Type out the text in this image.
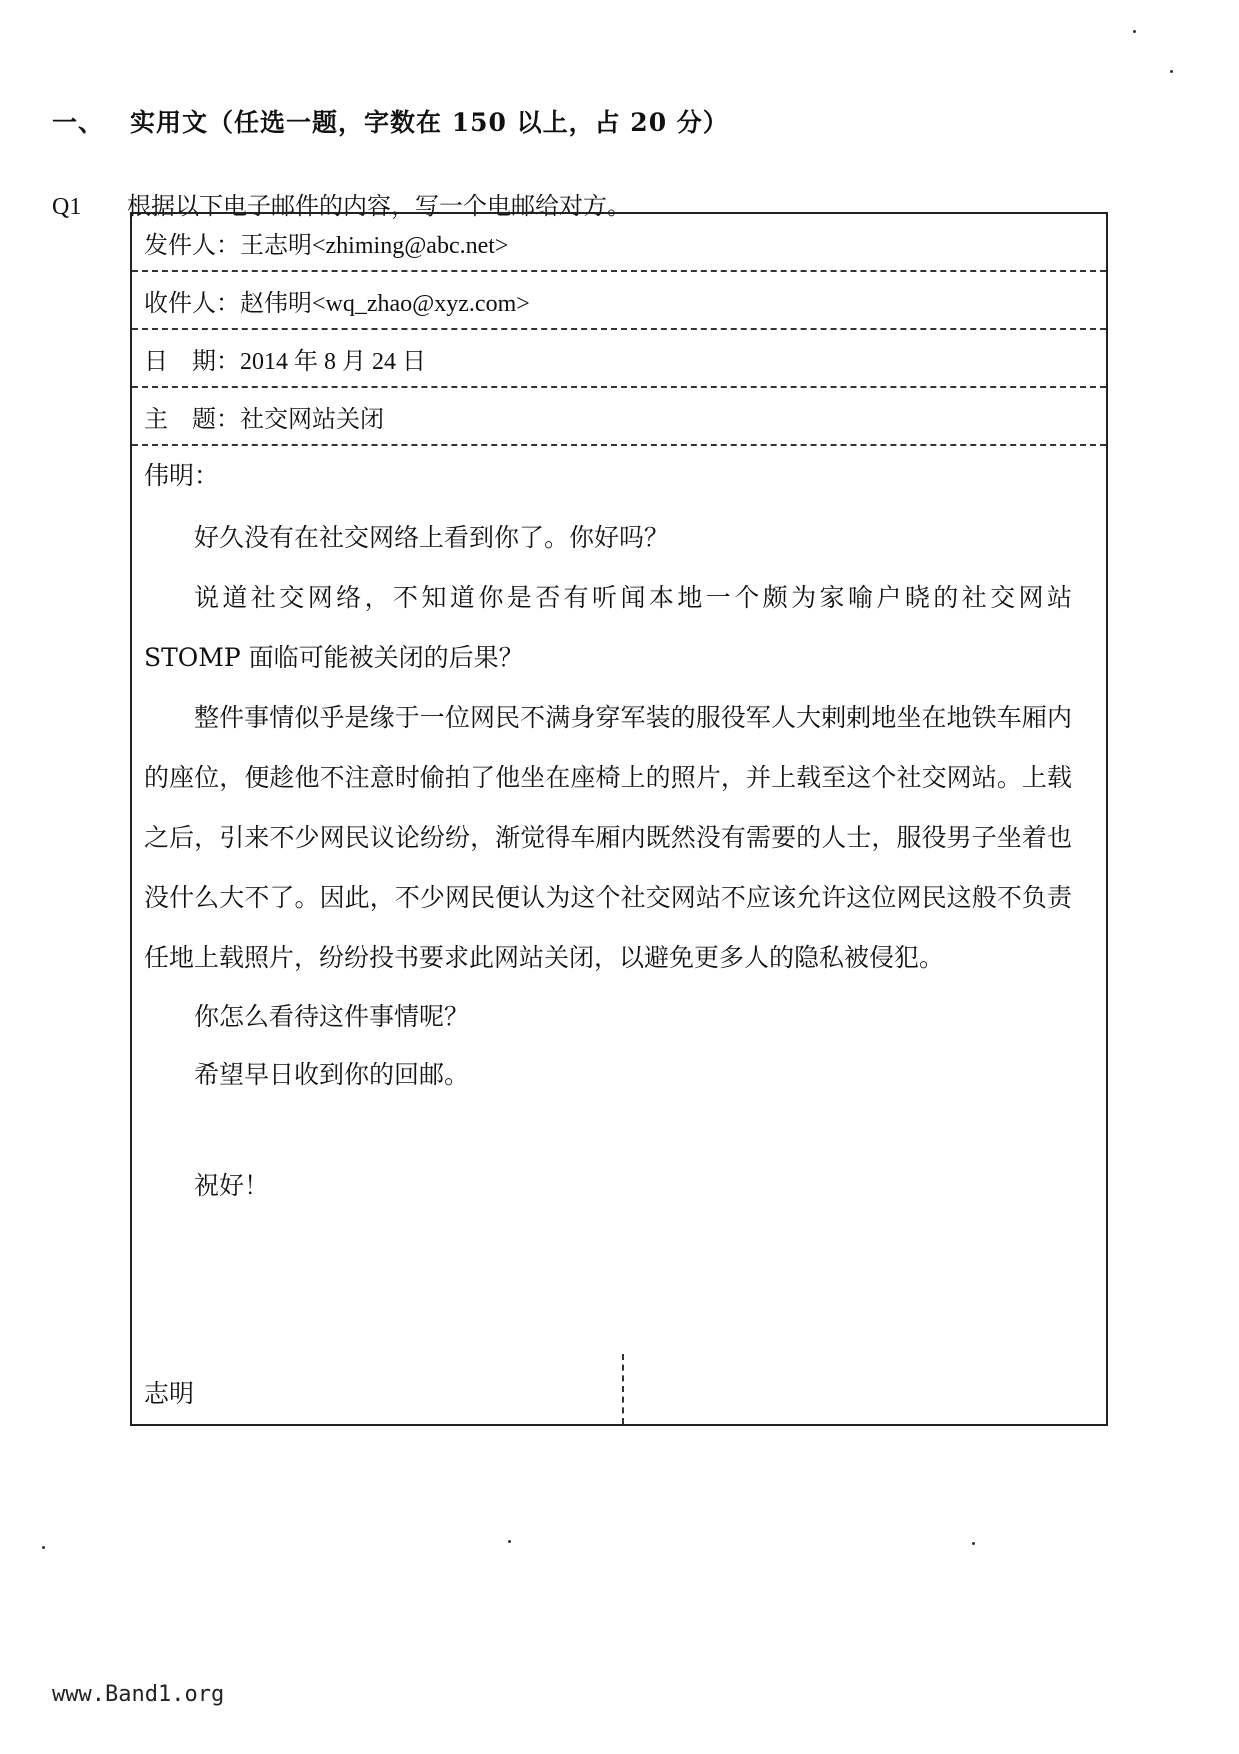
一、 实用文（任选一题，字数在 150 以上，占 20 分）
Q1 根据以下电子邮件的内容，写一个电邮给对方。
发件人： 王志明<zhiming@abc.net>
收件人： 赵伟明<wq_zhao@xyz.com>
日　期： 2014 年 8 月 24 日
主　题： 社交网站关闭
伟明：

好久没有在社交网络上看到你了。你好吗？

说道社交网络，不知道你是否有听闻本地一个颇为家喻户晓的社交网站 STOMP 面临可能被关闭的后果？

整件事情似乎是缘于一位网民不满身穿军装的服役军人大剌剌地坐在地铁车厢内的座位，便趁他不注意时偷拍了他坐在座椅上的照片，并上载至这个社交网站。上载之后，引来不少网民议论纷纷，渐觉得车厢内既然没有需要的人士，服役男子坐着也没什么大不了。因此，不少网民便认为这个社交网站不应该允许这位网民这般不负责任地上载照片，纷纷投书要求此网站关闭，以避免更多人的隐私被侵犯。

你怎么看待这件事情呢？

希望早日收到你的回邮。

祝好！
志明
www.Band1.org
